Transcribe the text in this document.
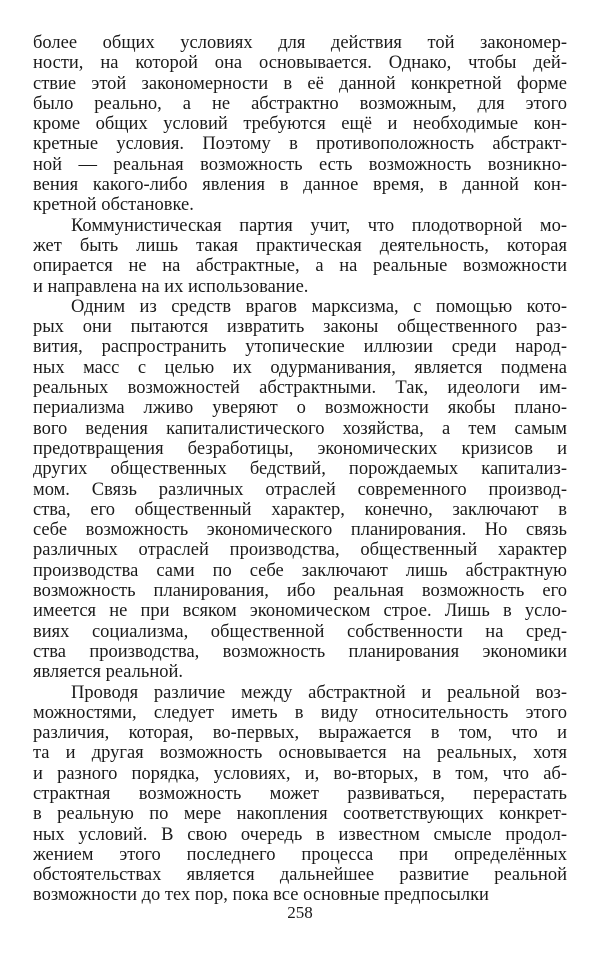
более общих условиях для действия той закономер-
ности, на которой она основывается. Однако, чтобы дей-
ствие этой закономерности в её данной конкретной форме
было реально, а не абстрактно возможным, для этого
кроме общих условий требуются ещё и необходимые кон-
кретные условия. Поэтому в противоположность абстракт-
ной — реальная возможность есть возможность возникно-
вения какого-либо явления в данное время, в данной кон-
кретной обстановке.
Коммунистическая партия учит, что плодотворной мо-
жет быть лишь такая практическая деятельность, которая
опирается не на абстрактные, а на реальные возможности
и направлена на их использование.
Одним из средств врагов марксизма, с помощью кото-
рых они пытаются извратить законы общественного раз-
вития, распространить утопические иллюзии среди народ-
ных масс с целью их одурманивания, является подмена
реальных возможностей абстрактными. Так, идеологи им-
периализма лживо уверяют о возможности якобы плано-
вого ведения капиталистического хозяйства, а тем самым
предотвращения безработицы, экономических кризисов и
других общественных бедствий, порождаемых капитализ-
мом. Связь различных отраслей современного производ-
ства, его общественный характер, конечно, заключают в
себе возможность экономического планирования. Но связь
различных отраслей производства, общественный характер
производства сами по себе заключают лишь абстрактную
возможность планирования, ибо реальная возможность его
имеется не при всяком экономическом строе. Лишь в усло-
виях социализма, общественной собственности на сред-
ства производства, возможность планирования экономики
является реальной.
Проводя различие между абстрактной и реальной воз-
можностями, следует иметь в виду относительность этого
различия, которая, во-первых, выражается в том, что и
та и другая возможность основывается на реальных, хотя
и разного порядка, условиях, и, во-вторых, в том, что аб-
страктная возможность может развиваться, перерастать
в реальную по мере накопления соответствующих конкрет-
ных условий. В свою очередь в известном смысле продол-
жением этого последнего процесса при определённых
обстоятельствах является дальнейшее развитие реальной
возможности до тех пор, пока все основные предпосылки
258
